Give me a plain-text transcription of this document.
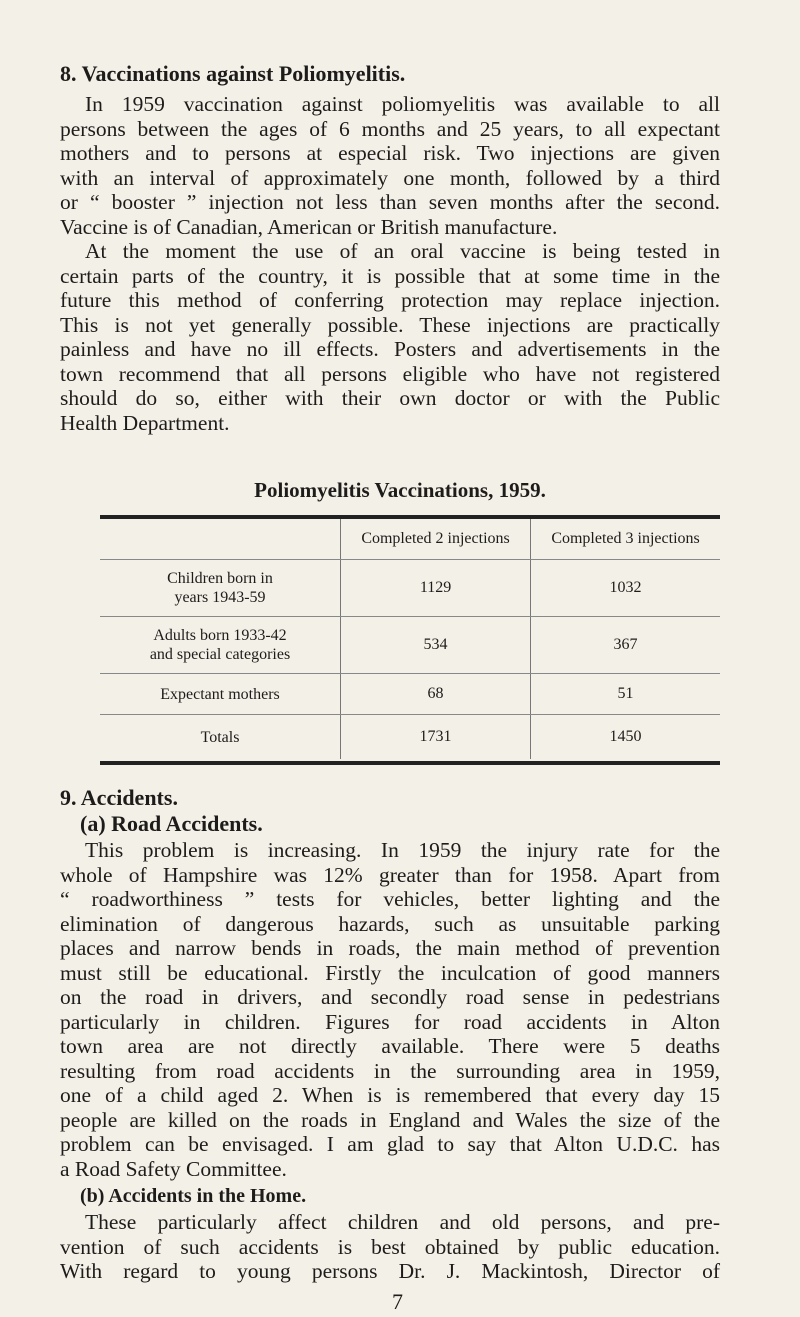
8. Vaccinations against Poliomyelitis.
In 1959 vaccination against poliomyelitis was available to all
persons between the ages of 6 months and 25 years, to all expectant
mothers and to persons at especial risk. Two injections are given
with an interval of approximately one month, followed by a third
or “ booster ” injection not less than seven months after the second.
Vaccine is of Canadian, American or British manufacture.
At the moment the use of an oral vaccine is being tested in
certain parts of the country, it is possible that at some time in the
future this method of conferring protection may replace injection.
This is not yet generally possible. These injections are practically
painless and have no ill effects. Posters and advertisements in the
town recommend that all persons eligible who have not registered
should do so, either with their own doctor or with the Public
Health Department.
Poliomyelitis Vaccinations, 1959.
	Completed 2 injections	Completed 3 injections
Children born in
years 1943-59	1129	1032
Adults born 1933-42
and special categories	534	367
Expectant mothers	68	51
Totals	1731	1450
9. Accidents.
(a) Road Accidents.
This problem is increasing. In 1959 the injury rate for the
whole of Hampshire was 12% greater than for 1958. Apart from
“ roadworthiness ” tests for vehicles, better lighting and the
elimination of dangerous hazards, such as unsuitable parking
places and narrow bends in roads, the main method of prevention
must still be educational. Firstly the inculcation of good manners
on the road in drivers, and secondly road sense in pedestrians
particularly in children. Figures for road accidents in Alton
town area are not directly available. There were 5 deaths
resulting from road accidents in the surrounding area in 1959,
one of a child aged 2. When is is remembered that every day 15
people are killed on the roads in England and Wales the size of the
problem can be envisaged. I am glad to say that Alton U.D.C. has
a Road Safety Committee.
(b) Accidents in the Home.
These particularly affect children and old persons, and pre-
vention of such accidents is best obtained by public education.
With regard to young persons Dr. J. Mackintosh, Director of
7
